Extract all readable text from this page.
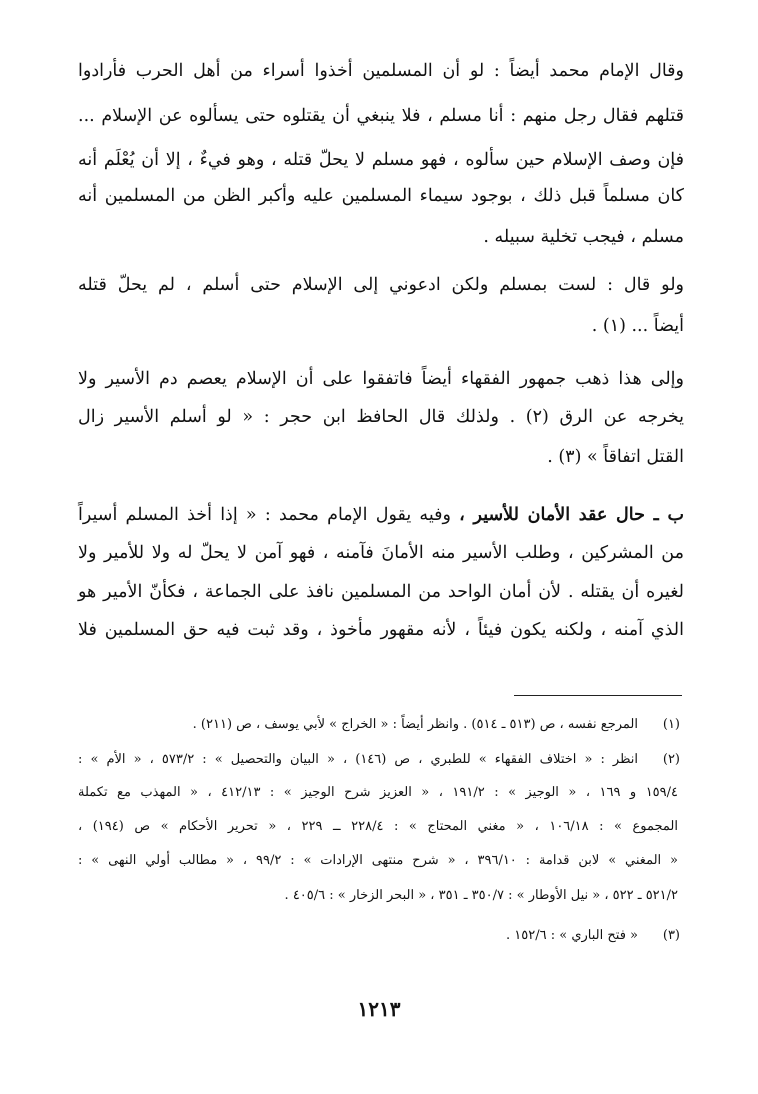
وقال الإمام محمد أيضاً : لو أن المسلمين أخذوا أسراء من أهل الحرب فأرادوا
قتلهم فقال رجل منهم : أنا مسلم ، فلا ينبغي أن يقتلوه حتى يسألوه عن الإسلام ...
فإن وصف الإسلام حين سألوه ، فهو مسلم لا يحلّ قتله ، وهو فيءٌ ، إلا أن يُعْلَم أنه
كان مسلماً قبل ذلك ، بوجود سيماء المسلمين عليه وأكبر الظن من المسلمين أنه
مسلم ، فيجب تخلية سبيله .
ولو قال : لست بمسلم ولكن ادعوني إلى الإسلام حتى أسلم ، لم يحلّ قتله
أيضاً ... (١) .
وإلى هذا ذهب جمهور الفقهاء أيضاً فاتفقوا على أن الإسلام يعصم دم الأسير ولا
يخرجه عن الرق (٢) . ولذلك قال الحافظ ابن حجر : « لو أسلم الأسير زال
القتل اتفاقاً » (٣) .
ب ـ حال عقد الأمان للأسير ، وفيه يقول الإمام محمد : « إذا أخذ المسلم أسيراً
من المشركين ، وطلب الأسير منه الأمانَ فآمنه ، فهو آمن لا يحلّ له ولا للأمير ولا
لغيره أن يقتله . لأن أمان الواحد من المسلمين نافذ على الجماعة ، فكأنّ الأمير هو
الذي آمنه ، ولكنه يكون فيئاً ، لأنه مقهور مأخوذ ، وقد ثبت فيه حق المسلمين فلا
(١)
المرجع نفسه ، ص (٥١٣ ـ ٥١٤) . وانظر أيضاً : « الخراج » لأبي يوسف ، ص (٢١١) .
(٢)
انظر : « اختلاف الفقهاء » للطبري ، ص (١٤٦) ، « البيان والتحصيل » : ٥٧٣/٢ ، « الأم » :
١٥٩/٤ و ١٦٩ ، « الوجيز » : ١٩١/٢ ، « العزيز شرح الوجيز » : ٤١٢/١٣ ، « المهذب مع تكملة
المجموع » : ١٠٦/١٨ ، « مغني المحتاج » : ٢٢٨/٤ ــ ٢٢٩ ، « تحرير الأحكام » ص (١٩٤) ،
« المغني » لابن قدامة : ٣٩٦/١٠ ، « شرح منتهى الإرادات » : ٩٩/٢ ، « مطالب أولي النهى » :
٥٢١/٢ ـ ٥٢٢ ، « نيل الأوطار » : ٣٥٠/٧ ـ ٣٥١ ، « البحر الزخار » : ٤٠٥/٦ .
(٣)
« فتح الباري » : ١٥٢/٦ .
١٢١٣
